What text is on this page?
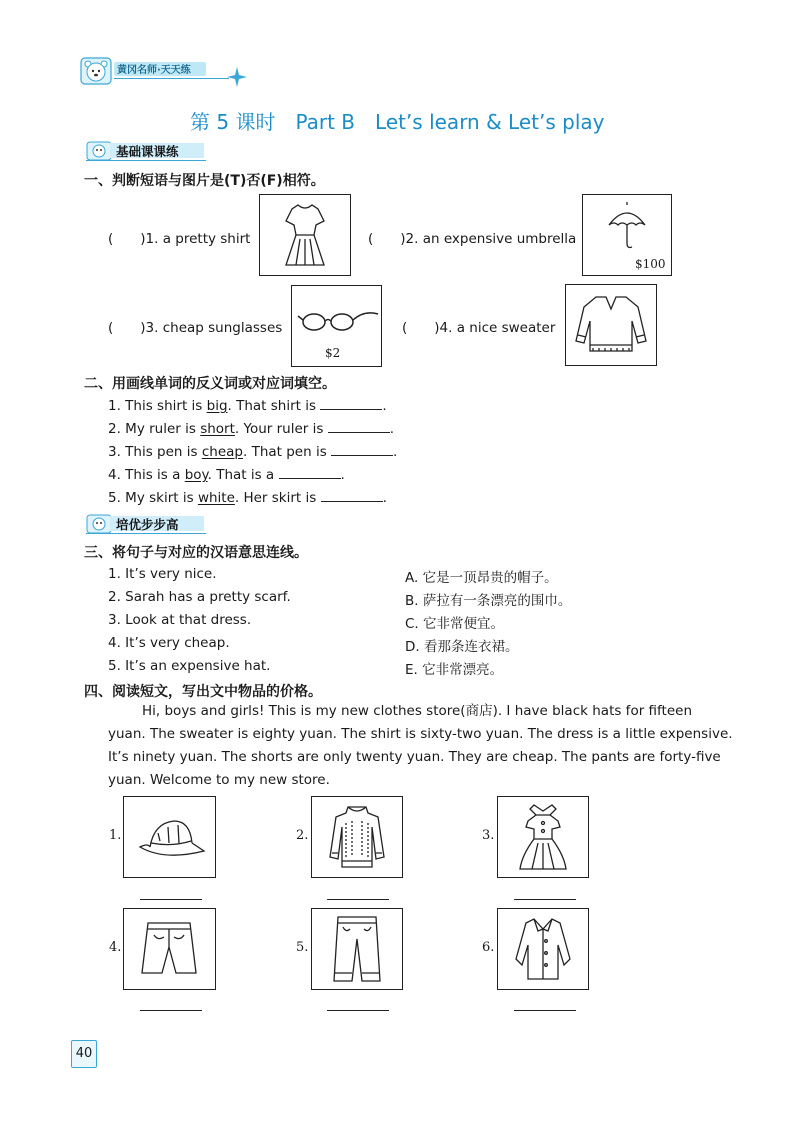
黄冈名师·天天练
第 5 课时　Part B　Let’s learn & Let’s play
基础课课练
一、判断短语与图片是(T)否(F)相符。
(　　)1. a pretty shirt	(　　)2. an expensive umbrella
$100
(　　)3. cheap sunglasses
$2
(　　)4. a nice sweater
二、用画线单词的反义词或对应词填空。
1. This shirt is big. That shirt is	.
2. My ruler is short. Your ruler is	.
3. This pen is cheap. That pen is	.
4. This is a boy. That is a	.
5. My skirt is white. Her skirt is	.
培优步步高
三、将句子与对应的汉语意思连线。
1. It’s very nice.
2. Sarah has a pretty scarf.
3. Look at that dress.
4. It’s very cheap.
5. It’s an expensive hat.
A. 它是一顶昂贵的帽子。
B. 萨拉有一条漂亮的围巾。
C. 它非常便宜。
D. 看那条连衣裙。
E. 它非常漂亮。
四、阅读短文，写出文中物品的价格。
Hi, boys and girls! This is my new clothes store(商店). I have black hats for fifteen
yuan. The sweater is eighty yuan. The shirt is sixty-two yuan. The dress is a little expensive.
It’s ninety yuan. The shorts are only twenty yuan. They are cheap. The pants are forty-five
yuan. Welcome to my new store.
1.	2.	3.
4.	5.	6.
40
